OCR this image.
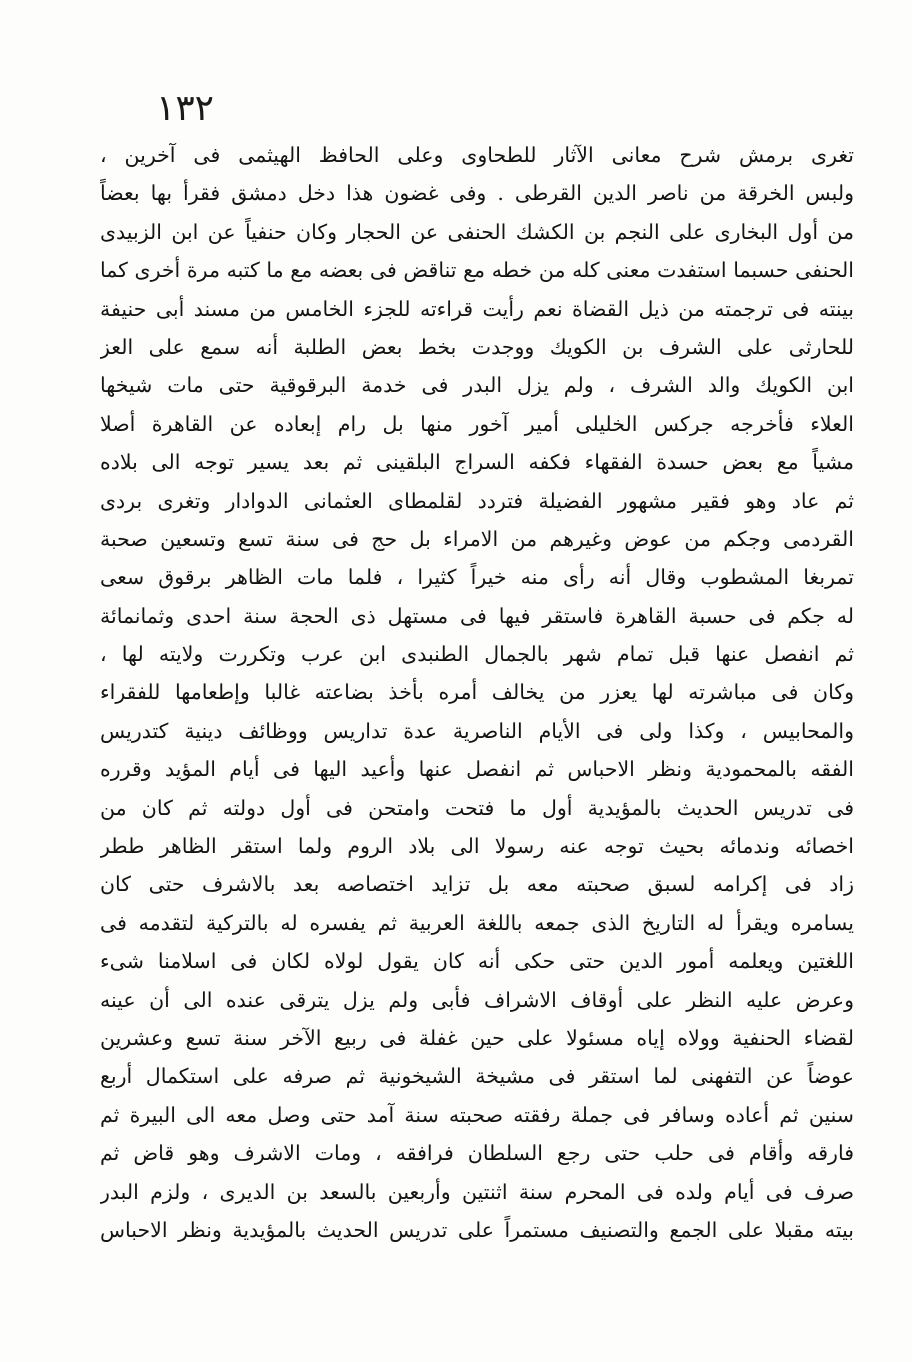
١٣٢
تغرى برمش شرح معانى الآثار للطحاوى وعلى الحافظ الهيثمى فى آخرين ،
ولبس الخرقة من ناصر الدين القرطى . وفى غضون هذا دخل دمشق فقرأ بها بعضاً
من أول البخارى على النجم بن الكشك الحنفى عن الحجار وكان حنفياً عن ابن الزبيدى
الحنفى حسبما استفدت معنى كله من خطه مع تناقض فى بعضه مع ما كتبه مرة أخرى كما
بينته فى ترجمته من ذيل القضاة نعم رأيت قراءته للجزء الخامس من مسند أبى حنيفة
للحارثى على الشرف بن الكويك ووجدت بخط بعض الطلبة أنه سمع على العز
ابن الكويك والد الشرف ، ولم يزل البدر فى خدمة البرقوقية حتى مات شيخها
العلاء فأخرجه جركس الخليلى أمير آخور منها بل رام إبعاده عن القاهرة أصلا
مشياً مع بعض حسدة الفقهاء فكفه السراج البلقينى ثم بعد يسير توجه الى بلاده
ثم عاد وهو فقير مشهور الفضيلة فتردد لقلمطاى العثمانى الدوادار وتغرى بردى
القردمى وجكم من عوض وغيرهم من الامراء بل حج فى سنة تسع وتسعين صحبة
تمربغا المشطوب وقال أنه رأى منه خيراً كثيرا ، فلما مات الظاهر برقوق سعى
له جكم فى حسبة القاهرة فاستقر فيها فى مستهل ذى الحجة سنة احدى وثمانمائة
ثم انفصل عنها قبل تمام شهر بالجمال الطنبدى ابن عرب وتكررت ولايته لها ،
وكان فى مباشرته لها يعزر من يخالف أمره بأخذ بضاعته غالبا وإطعامها للفقراء
والمحابيس ، وكذا ولى فى الأيام الناصرية عدة تداريس ووظائف دينية كتدريس
الفقه بالمحمودية ونظر الاحباس ثم انفصل عنها وأعيد اليها فى أيام المؤيد وقرره
فى تدريس الحديث بالمؤيدية أول ما فتحت وامتحن فى أول دولته ثم كان من
اخصائه وندمائه بحيث توجه عنه رسولا الى بلاد الروم ولما استقر الظاهر ططر
زاد فى إكرامه لسبق صحبته معه بل تزايد اختصاصه بعد بالاشرف حتى كان
يسامره ويقرأ له التاريخ الذى جمعه باللغة العربية ثم يفسره له بالتركية لتقدمه فى
اللغتين ويعلمه أمور الدين حتى حكى أنه كان يقول لولاه لكان فى اسلامنا شىء
وعرض عليه النظر على أوقاف الاشراف فأبى ولم يزل يترقى عنده الى أن عينه
لقضاء الحنفية وولاه إياه مسئولا على حين غفلة فى ربيع الآخر سنة تسع وعشرين
عوضاً عن التفهنى لما استقر فى مشيخة الشيخونية ثم صرفه على استكمال أربع
سنين ثم أعاده وسافر فى جملة رفقته صحبته سنة آمد حتى وصل معه الى البيرة ثم
فارقه وأقام فى حلب حتى رجع السلطان فرافقه ، ومات الاشرف وهو قاض ثم
صرف فى أيام ولده فى المحرم سنة اثنتين وأربعين بالسعد بن الديرى ، ولزم البدر
بيته مقبلا على الجمع والتصنيف مستمراً على تدريس الحديث بالمؤيدية ونظر الاحباس
